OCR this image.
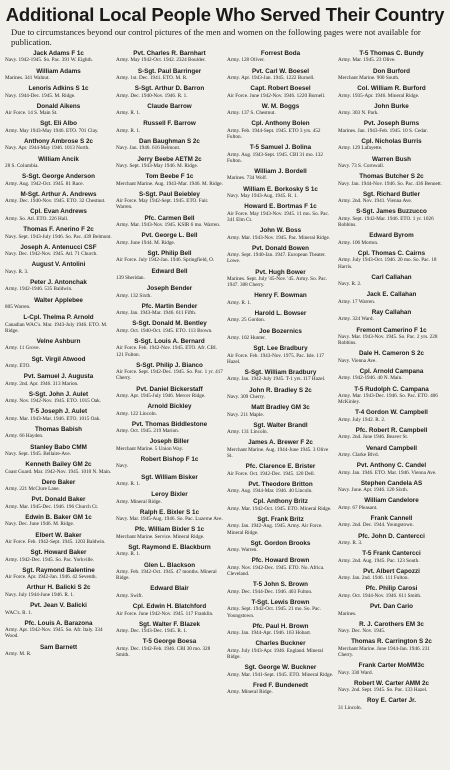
Additional Local People Who Served Their Country
Due to circumstances beyond our control pictures of the men and women on the following pages were not available for publication.
Jack Adams F 1c
Navy. 1942-1945. So. Pac. 391 W. Eighth.
William Adams
Marines. 341 Walnut.
Lenoris Adkins S 1c
Navy. 1944-Dec. 1945. M. Ridge.
Donald Aikens
Air Force. 14 S. Main St.
Sgt. Eli Albo
Army. May 1943-May 1946. ETO. 701 Clay.
Anthony Ambrose S 2c
Navy. Apr. 1944-May 1946. 1013 North.
William Ancik
28 S. Columbia.
S-Sgt. George Anderson
Army. Aug. 1942-Oct. 1945. 81 Race.
M-Sgt. Arthur A. Andrews
Army. Dec. 1940-Nov. 1945. ETO. 32 Chestnut.
Cpl. Evan Andrews
Army. So. Atl. ETO. 226 Hall.
Thomas F. Anerino F 2c
Navy. Sept. 1943-July 1946. So. Pac. 439 Belmont.
Joseph A. Antenucci CSF
Navy. Dec. 1942-Nov. 1945. Atl. 71 Church.
August V. Antolini
Navy. R. 3.
Peter J. Antonchak
Army. 1942-1946. 535 Baldwin.
Walter Applebee
805 Warren.
L-Cpl. Thelma P. Arnold
Canadian WAC's. Mar. 1943-July 1946. ETO. M. Ridge.
Velne Ashburn
Army. 11 Grove.
Sgt. Virgil Atwood
Army. ETO.
Pvt. Samuel J. Augusta
Army. 2nd. Apr. 1946. 313 Marion.
S-Sgt. John J. Aulet
Army. Nov. 1942-Nov. 1945. ETO. 1015 Oak.
T-5 Joseph J. Aulet
Army. Mar. 1943-Mar. 1946. ETO. 1015 Oak.
Thomas Babish
Army. 66 Hayden.
Stanley Babo CMM
Navy. Sept. 1945. Bellaire-Ave.
Kenneth Bailey GM 2c
Coast Guard. Mar. 1942-Nov. 1945. 1010 N. Main.
Dero Baker
Army. 221 McClure Lane.
Pvt. Donald Baker
Army. Mar. 1945-Dec. 1946. 196 Church Ct.
Edwin B. Baker GM 1c
Navy. Dec. June 1946. M. Ridge.
Elbert W. Baker
Air Force. Feb. 1942-Sept. 1945. 1203 Baldwin.
Sgt. Howard Baker
Army. 1942-Dec. 1945. So. Pac. Yorkville.
Sgt. Raymond Balentine
Air Force. Apr. 1942-Jan. 1946. 42 Seventh.
Arthur H. Balicki S 2c
Navy. July 1944-June 1946. R. 1.
Pvt. Jean V. Balicki
WAC's. R. 1.
Pfc. Louis A. Barazona
Army. Apr. 1942-Nov. 1945. So. Afr. Italy. 334 Wood.
Sam Barnett
Army. M. R.
Pvt. Charles R. Barnhart
Army. May 1942-Oct. 1942. 2324 Boulder.
S-Sgt. Paul Barringer
Army. 1st. Dec. 1941. ETO. M. R.
S-Sgt. Arthur D. Barron
Army. Dec. 1940-Nov. 1946. R. 1.
Claude Barrow
Army. R. 1.
Russell F. Barrow
Army. R. 1.
Dan Baughman S 2c
Navy. Jan. 1946. 616 Belmont.
Jerry Beebe AETM 2c
Navy. Sept. 1943-May 1946. M. Ridge.
Tom Beebe F 1c
Merchant Marine. Aug. 1943-Mar. 1946. M. Ridge.
S-Sgt. Paul Beiebley
Air Force. May 1942-Sept. 1945. ETO. Fair. Warren.
Pfc. Carmen Bell
Army. Mar. 1943-Nov. 1945. KSIR 6 mo. Warren.
Pvt. George L. Bell
Army. June 1944. M. Ridge.
Sgt. Philip Bell
Air Force. July 1942-Jan. 1946. Springfield, O.
Edward Bell
139 Sheridan.
Joseph Bender
Army. 132 Sixth.
Pfc. Martin Bender
Army. Jan. 1943-Mar. 1946. 611 Fifth.
S-Sgt. Donald M. Bentley
Army. Oct. 1940-Oct. 1945. ETO. 113 Brown.
S-Sgt. Louis A. Bernard
Air Force. Feb. 1942-Nov. 1945. ETO. Afr. CBI. 121 Fulton.
S-Sgt. Philip J. Bianco
Air Force. Sept. 1942-Dec. 1945. So. Pac. 1 yr. 417 Cherry.
Pvt. Daniel Bickerstaff
Army. Apr. 1945-July 1946. Mercer Ridge.
Arnold Bickley
Army. 122 Lincoln.
Pvt. Thomas Biddlestone
Army. Oct. 1945. 219 Marion.
Joseph Biller
Merchant Marine. 5 Union Way.
Robert Bishop F 1c
Navy.
Sgt. William Bisker
Army. R. 1.
Leroy Bixler
Army. Mineral Ridge.
Ralph E. Bixler S 1c
Navy. Mar. 1945-Aug. 1946. So. Pac. Luzerne Ave.
Pfc. William Bixler S 1c
Merchant Marine. Service. Mineral Ridge.
Sgt. Raymond E. Blackburn
Army. R. 1.
Glen L. Blackson
Army. Feb. 1942-Oct. 1945. 47 months. Mineral Ridge.
Edward Blair
Army. Swift.
Cpl. Edwin H. Blatchford
Air Force. June 1942-Nov. 1945. 117 Franklin.
Sgt. Walter F. Blazek
Army. Dec. 1943-Dec. 1945. R. 1.
T-5 George Boesa
Army. Dec. 1942-Feb. 1946. CBI 30 mo. 328 Smith.
Forrest Boda
Army. 128 Oliver.
Pvt. Carl W. Boesel
Army. Apr. 1943-Jan. 1945. 1222 Burnell.
Capt. Robert Boesel
Air Force. June 1942-Nov. 1946. 1220 Burnell.
W. M. Boggs
Army. 137 S. Chestnut.
Cpl. Anthony Bolen
Army. Feb. 1944-Sept. 1945. ETO 3 yrs. 452 Fulton.
T-5 Samuel J. Bolina
Army. Aug. 1943-Sept. 1945. CBI 31 mo. 132 Fulton.
William J. Bordell
Marines. 734 Wolf.
William E. Borkosky S 1c
Navy. May 1943-Aug. 1945. R. 1.
Howard E. Bortmas F 1c
Air Force. May 1943-Nov. 1945. 11 mo. So. Pac. 341 Elm Ct.
John W. Boss
Army. Mar. 1943-Nov. 1945. Pac. Mineral Ridge.
Pvt. Donald Bowen
Army. Sept. 1940-Jan. 1947. European Theater. Lowe.
Pvt. Hugh Bower
Marines. Sept. July '45-Nov. '45. Army. So. Pac. 1947. 308 Cherry.
Henry F. Bowman
Army. R. 1.
Harold L. Bowser
Army. 25 Gordon.
Joe Bozernics
Army. 102 Hunter.
Sgt. Lee Bradbury
Air Force. Feb. 1943-Nov. 1975. Pac. Isle. 117 Hazel.
S-Sgt. William Bradbury
Army. Jan. 1942-July 1945. T-1 yrs. 117 Hazel.
John R. Bradley S 2c
Navy. 309 Cherry.
Matt Bradley GM 3c
Navy. 211 Maple.
Sgt. Walter Brandl
Army. 131 Lincoln.
James A. Brewer F 2c
Merchant Marine. Aug. 1944-June 1945. 3 Olive St.
Pfc. Clarence E. Brister
Air Force. Oct. 1942-Dec. 1945. 120 Dell.
Pvt. Theodore Britton
Army. Aug. 1944-Mar. 1946. 40 Lincoln.
Cpl. Anthony Britz
Army. Mar. 1942-Oct. 1945. ETO. Mineral Ridge.
Sgt. Frank Britz
Army. Jan. 1942-Aug. 1945. Army. Air Force. Mineral Ridge.
Sgt. Gordon Brooks
Army. Warren.
Pfc. Howard Brown
Army. Nov. 1942-Dec. 1945. ETO. No. Africa. Cleveland.
T-5 John S. Brown
Army. Dec. 1944-Dec. 1946. 403 Fulton.
T-Sgt. Lewis Brown
Army. Sept. 1942-Oct. 1945. 21 mo. So. Pac. Youngstown.
Pfc. Paul H. Brown
Army. Jan. 1944-Apr. 1946. 163 Hobart.
Charles Buckner
Army. July 1943-Apr. 1946. England. Mineral Ridge.
Sgt. George W. Buckner
Army. Mar. 1941-Sept. 1945. ETO. Mineral Ridge.
Fred F. Bundenedt
Army. Mineral Ridge.
T-5 Thomas C. Bundy
Army. Mar. 1945. 23 Olive.
Don Burford
Merchant Marine. 900 South.
Col. William R. Burford
Army. 1935-Apr. 1946. Mineral Ridge.
John Burke
Army. 303 N. Park.
Pvt. Joseph Burns
Marines. Jan. 1943-Feb. 1945. 10 S. Cedar.
Cpl. Nicholas Burris
Army. 129 Lafayette.
Warren Bush
Navy. 73 S. Cornwall.
Thomas Butcher S 2c
Navy. Jan. 1944-Nov. 1946. So. Pac. 436 Bennett.
Sgt. Richard Butler
Army. 2nd. Nov. 1941. Vienna Ave.
S-Sgt. James Buzzucco
Army. Sept. 1942-Mar. 1946. ETO. 1 yr. 1026 Robbins.
Edward Byrom
Army. 106 Morton.
Cpl. Thomas C. Cairns
Army. July 1943-Oct. 1946. 20 mo. So. Pac. 18 Harris.
Carl Callahan
Navy. R. 2.
Jack E. Callahan
Army. 17 Warren.
Ray Callahan
Army. 324 Ward.
Fremont Camerino F 1c
Navy. Mar. 1943-Nov. 1945. So. Pac. 2 yrs. 228 Robbins.
Dale H. Cameron S 2c
Navy. Vienna Ave.
Cpl. Arnold Campana
Army. 1942-1946. 40 N. Main.
T-5 Rudolph C. Campana
Army. Mar. 1943-Dec. 1946. So. Pac. ETO. 406 McKinley.
T-4 Gordon W. Campbell
Army. July 1942. R. 2.
Pfc. Robert R. Campbell
Army. 2nd. June 1946. Beaver St.
Venard Campbell
Army. Clarke Blvd.
Pvt. Anthony C. Candel
Army. Jan. 1946. ETO. Mar. 1946. Vienna Ave.
Stephen Candela AS
Navy. June. Apr. 1946. 120 Sixth.
William Candelore
Army. 67 Pleasant.
Frank Cannell
Army. 2nd. Dec. 1944. Youngstown.
Pfc. John D. Cantercci
Army. R. 3.
T-5 Frank Cantercci
Army. 2nd. Aug. 1945. Pac. 123 South.
Pvt. Albert Capozzi
Army. Jan. 2nd. 1946. 111 Fulton.
Pfc. Philip Carosi
Army. Oct. 1944-Nov. 1946. 611 Smith.
Pvt. Dan Cario
Marines.
R. J. Carothers EM 3c
Navy. Dec. Nov. 1945.
Thomas R. Carrington S 2c
Merchant Marine. June 1944-Jan. 1946. 231 Cherry.
Frank Carter MoMM3c
Navy. 330 Ward.
Robert W. Carter AMM 2c
Navy. 2nd. Sept. 1945. So. Pac. 133 Hazel.
Roy E. Carter Jr.
31 Lincoln.
